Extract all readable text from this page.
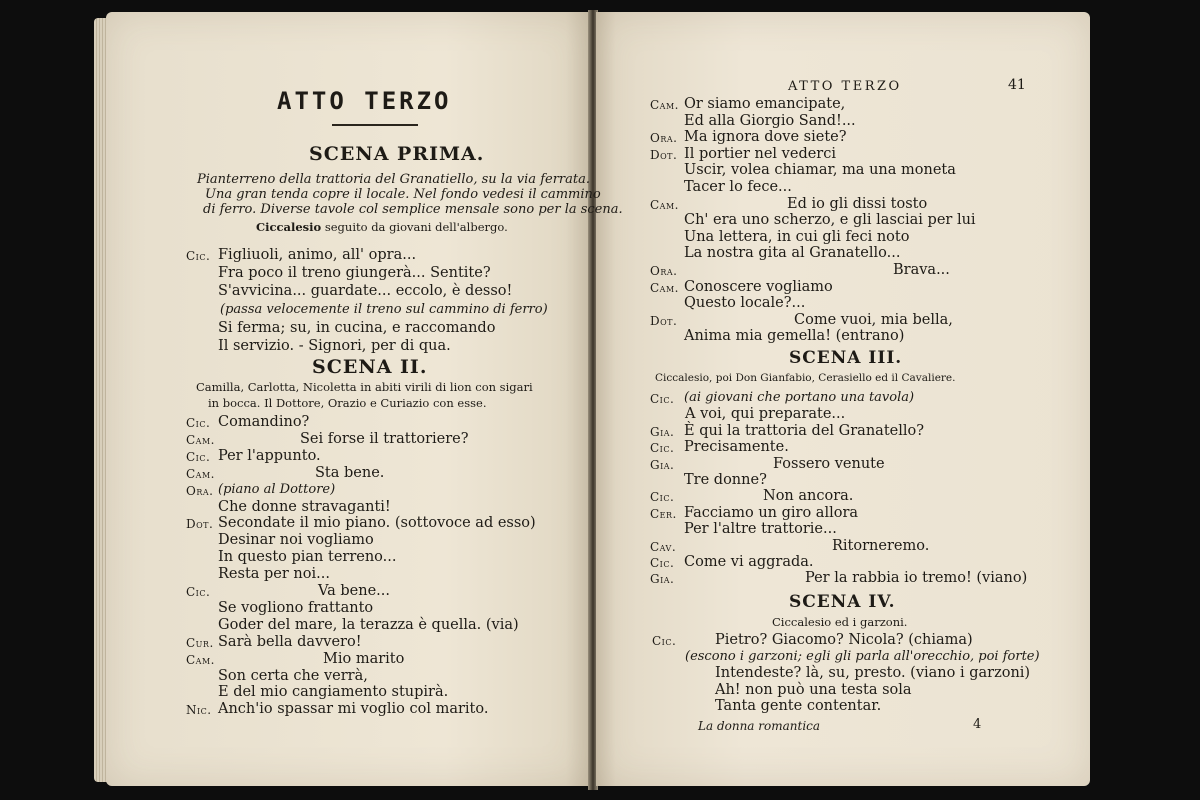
ATTO TERZO
SCENA PRIMA.
Pianterreno della trattoria del Granatiello, su la via ferrata.
Una gran tenda copre il locale. Nel fondo vedesi il cammino
di ferro. Diverse tavole col semplice mensale sono per la scena.
Ciccalesio seguito da giovani dell'albergo.
Cic. Figliuoli, animo, all' opra...
Fra poco il treno giungerà... Sentite?
S'avvicina... guardate... eccolo, è desso!
(passa velocemente il treno sul cammino di ferro)
Si ferma; su, in cucina, e raccomando
Il servizio. - Signori, per di qua.
SCENA II.
Camilla, Carlotta, Nicoletta in abiti virili di lion con sigari
in bocca. Il Dottore, Orazio e Curiazio con esse.
Cic. Comandino?
Cam.	Sei forse il trattoriere?
Cic. Per l'appunto.
Cam.	Sta bene.
Ora. (piano al Dottore)
Che donne stravaganti!
Dot. Secondate il mio piano. (sottovoce ad esso)
Desinar noi vogliamo
In questo pian terreno...
Resta per noi...
Cic.	Va bene...
Se vogliono frattanto
Goder del mare, la terazza è quella. (via)
Cur. Sarà bella davvero!
Cam.	Mio marito
Son certa che verrà,
E del mio cangiamento stupirà.
Nic. Anch'io spassar mi voglio col marito.
ATTO TERZO	41
Cam. Or siamo emancipate,
Ed alla Giorgio Sand!...
Ora. Ma ignora dove siete?
Dot. Il portier nel vederci
Uscir, volea chiamar, ma una moneta
Tacer lo fece...
Cam.	Ed io gli dissi tosto
Ch' era uno scherzo, e gli lasciai per lui
Una lettera, in cui gli feci noto
La nostra gita al Granatello...
Ora.	Brava...
Cam. Conoscere vogliamo
Questo locale?...
Dot.	Come vuoi, mia bella,
Anima mia gemella! (entrano)
SCENA III.
Ciccalesio, poi Don Gianfabio, Cerasiello ed il Cavaliere.
Cic. (ai giovani che portano una tavola)
A voi, qui preparate...
Gia. È qui la trattoria del Granatello?
Cic. Precisamente.
Gia.	Fossero venute
Tre donne?
Cic.	Non ancora.
Cer. Facciamo un giro allora
Per l'altre trattorie...
Cav.	Ritorneremo.
Cic. Come vi aggrada.
Gia.	Per la rabbia io tremo! (viano)
SCENA IV.
Ciccalesio ed i garzoni.
Cic.	Pietro? Giacomo? Nicola? (chiama)
(escono i garzoni; egli gli parla all'orecchio, poi forte)
Intendeste? là, su, presto. (viano i garzoni)
Ah! non può una testa sola
Tanta gente contentar.
La donna romantica	4
